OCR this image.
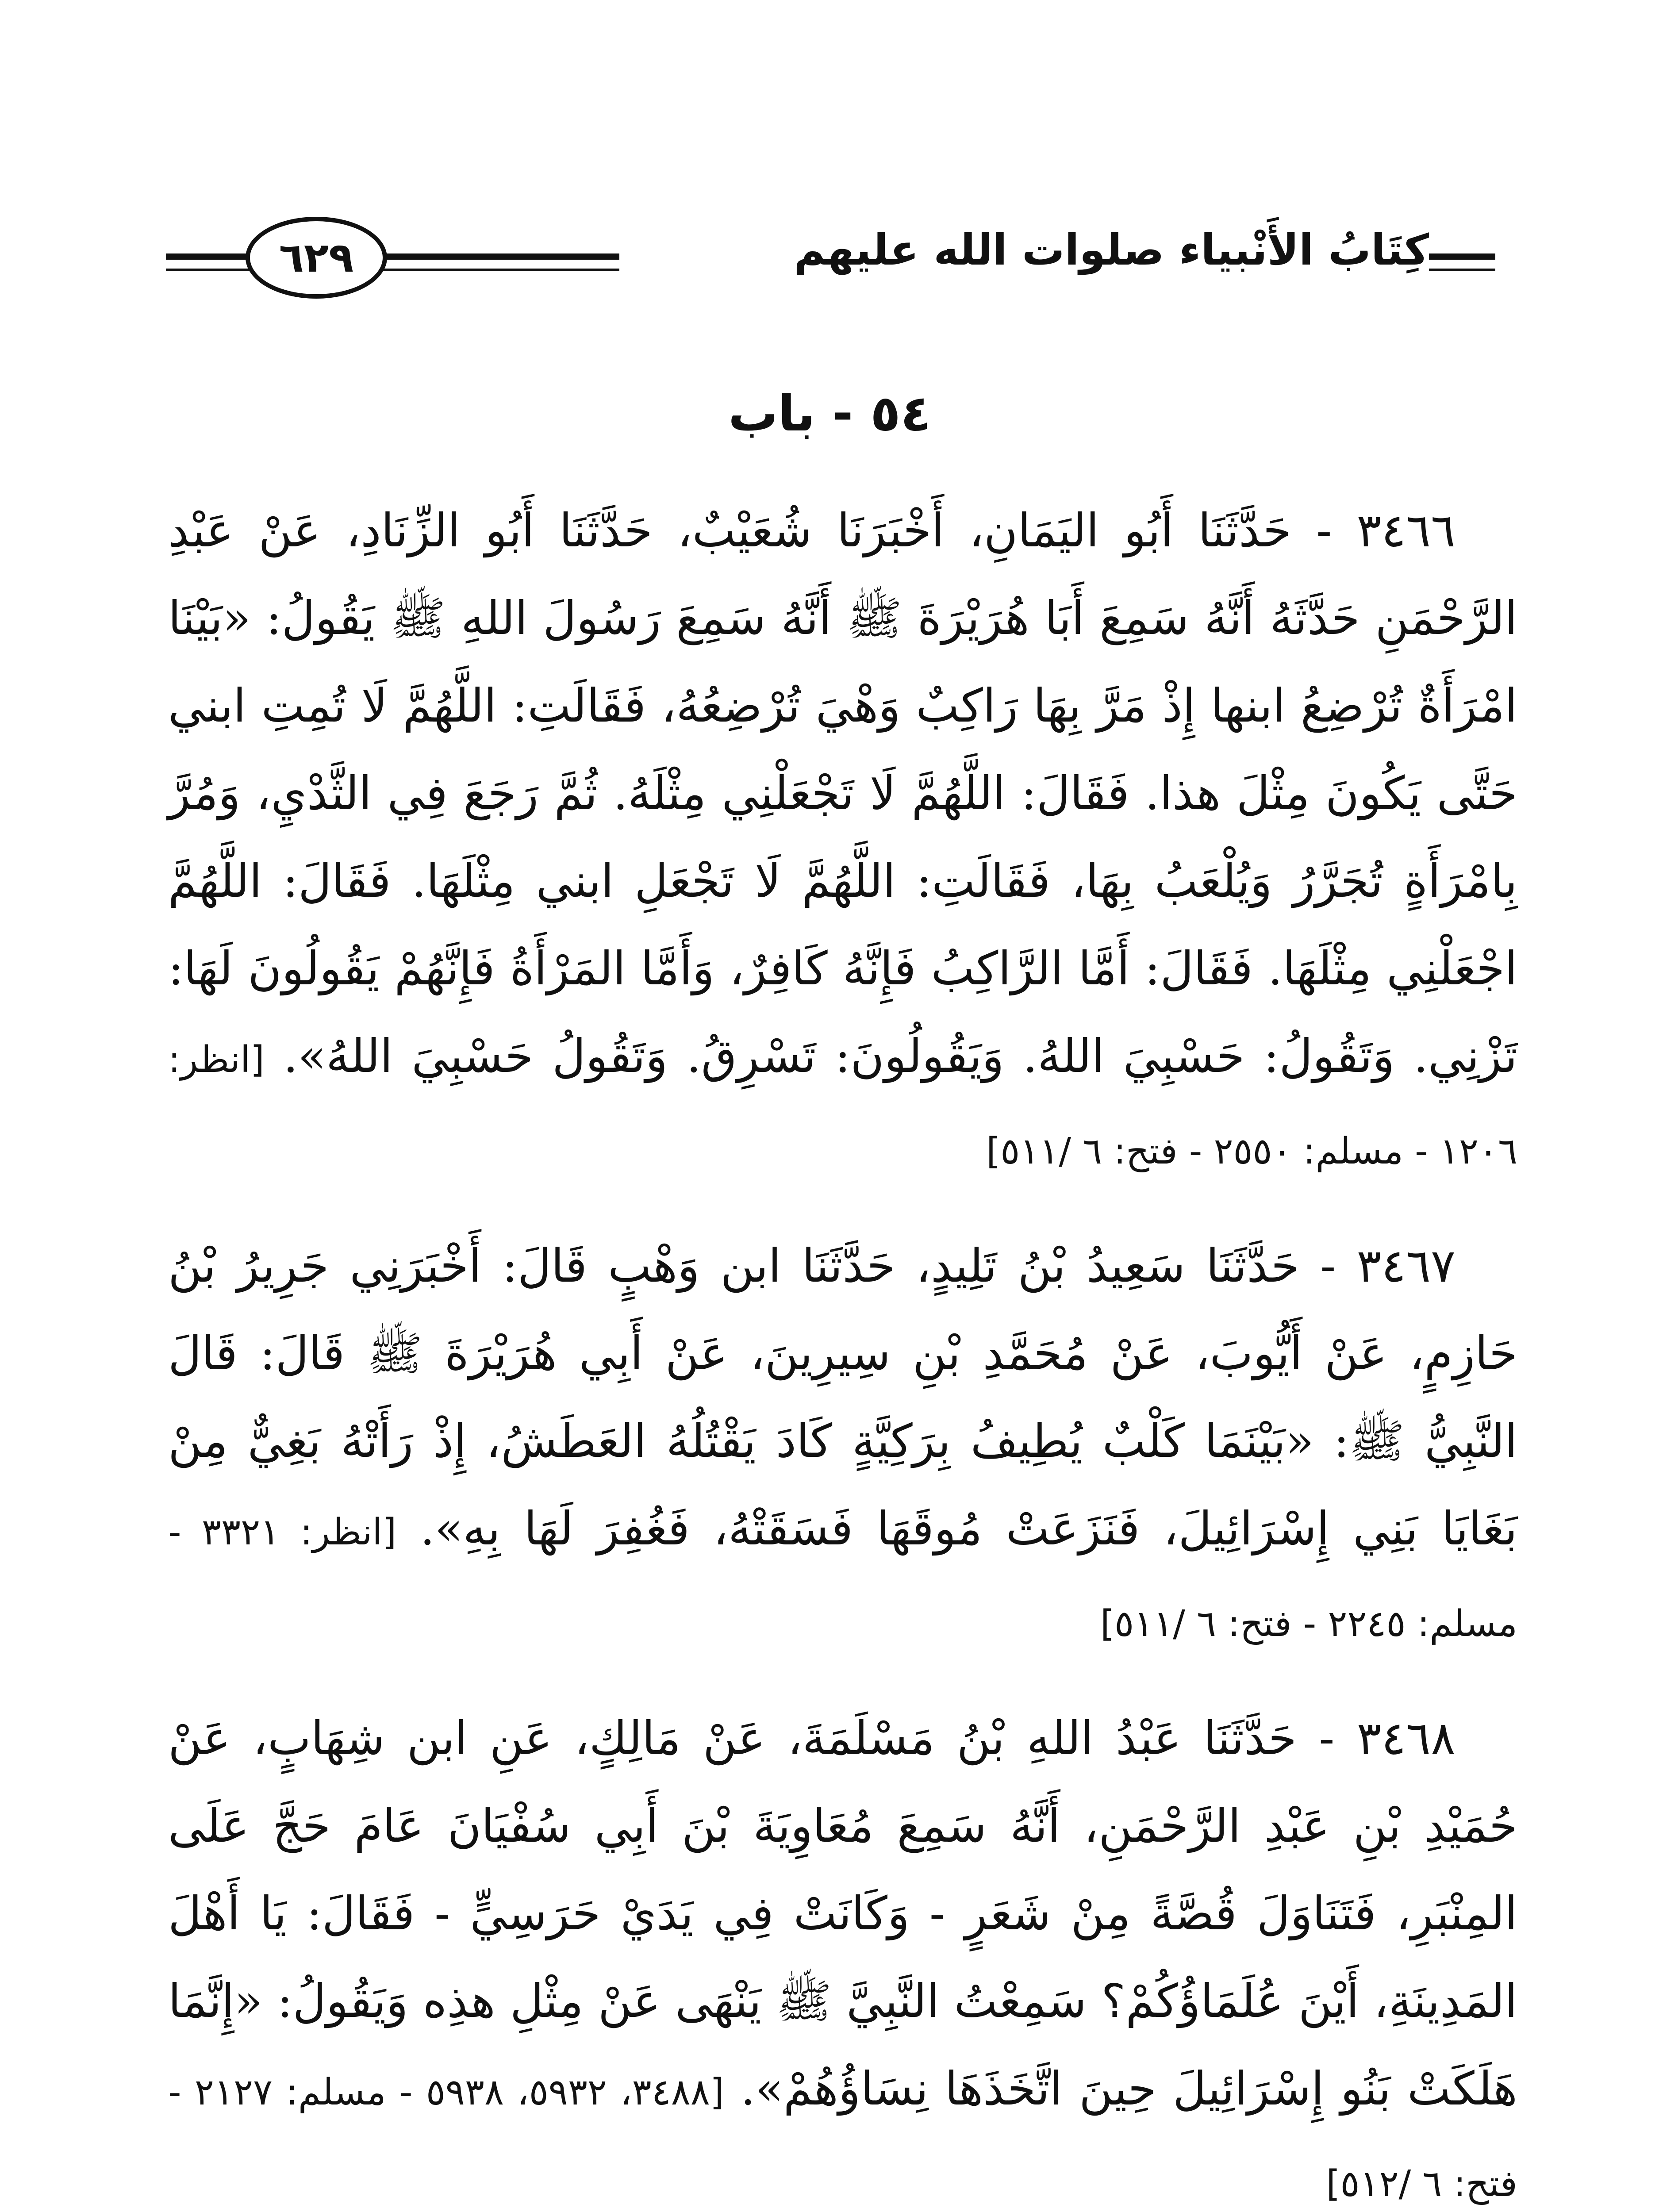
كِتَابُ الأَنْبياء صلوات الله عليهم
٦٢٩
٥٤ - باب

٣٤٦٦ - حَدَّثَنَا أَبُو اليَمَانِ، أَخْبَرَنَا شُعَيْبٌ، حَدَّثَنَا أَبُو الزِّنَادِ، عَنْ عَبْدِ الرَّحْمَنِ حَدَّثَهُ أَنَّهُ سَمِعَ أَبَا هُرَيْرَةَ ﷺ أَنَّهُ سَمِعَ رَسُولَ اللهِ ﷺ يَقُولُ: «بَيْنَا امْرَأَةٌ تُرْضِعُ ابنها إِذْ مَرَّ بِهَا رَاكِبٌ وَهْيَ تُرْضِعُهُ، فَقَالَتِ: اللَّهُمَّ لَا تُمِتِ ابني حَتَّى يَكُونَ مِثْلَ هذا. فَقَالَ: اللَّهُمَّ لَا تَجْعَلْنِي مِثْلَهُ. ثُمَّ رَجَعَ فِي الثَّدْيِ، وَمُرَّ بِامْرَأَةٍ تُجَرَّرُ وَيُلْعَبُ بِهَا، فَقَالَتِ: اللَّهُمَّ لَا تَجْعَلِ ابني مِثْلَهَا. فَقَالَ: اللَّهُمَّ اجْعَلْنِي مِثْلَهَا. فَقَالَ: أَمَّا الرَّاكِبُ فَإِنَّهُ كَافِرٌ، وَأَمَّا المَرْأَةُ فَإِنَّهُمْ يَقُولُونَ لَهَا: تَزْنِي. وَتَقُولُ: حَسْبِيَ اللهُ. وَيَقُولُونَ: تَسْرِقُ. وَتَقُولُ حَسْبِيَ اللهُ». [انظر: ١٢٠٦ - مسلم: ٢٥٥٠ - فتح: ٦ /٥١١]

٣٤٦٧ - حَدَّثَنَا سَعِيدُ بْنُ تَلِيدٍ، حَدَّثَنَا ابن وَهْبٍ قَالَ: أَخْبَرَنِي جَرِيرُ بْنُ حَازِمٍ، عَنْ أَيُّوبَ، عَنْ مُحَمَّدِ بْنِ سِيرِينَ، عَنْ أَبِي هُرَيْرَةَ ﷺ قَالَ: قَالَ النَّبِيُّ ﷺ: «بَيْنَمَا كَلْبٌ يُطِيفُ بِرَكِيَّةٍ كَادَ يَقْتُلُهُ العَطَشُ، إِذْ رَأَتْهُ بَغِيٌّ مِنْ بَغَايَا بَنِي إِسْرَائِيلَ، فَنَزَعَتْ مُوقَهَا فَسَقَتْهُ، فَغُفِرَ لَهَا بِهِ». [انظر: ٣٣٢١ - مسلم: ٢٢٤٥ - فتح: ٦ /٥١١]

٣٤٦٨ - حَدَّثَنَا عَبْدُ اللهِ بْنُ مَسْلَمَةَ، عَنْ مَالِكٍ، عَنِ ابن شِهَابٍ، عَنْ حُمَيْدِ بْنِ عَبْدِ الرَّحْمَنِ، أَنَّهُ سَمِعَ مُعَاوِيَةَ بْنَ أَبِي سُفْيَانَ عَامَ حَجَّ عَلَى المِنْبَرِ، فَتَنَاوَلَ قُصَّةً مِنْ شَعَرٍ - وَكَانَتْ فِي يَدَيْ حَرَسِيٍّ - فَقَالَ: يَا أَهْلَ المَدِينَةِ، أَيْنَ عُلَمَاؤُكُمْ؟ سَمِعْتُ النَّبِيَّ ﷺ يَنْهَى عَنْ مِثْلِ هذِه وَيَقُولُ: «إِنَّمَا هَلَكَتْ بَنُو إِسْرَائِيلَ حِينَ اتَّخَذَهَا نِسَاؤُهُمْ». [٣٤٨٨، ٥٩٣٢، ٥٩٣٨ - مسلم: ٢١٢٧ - فتح: ٦ /٥١٢]
